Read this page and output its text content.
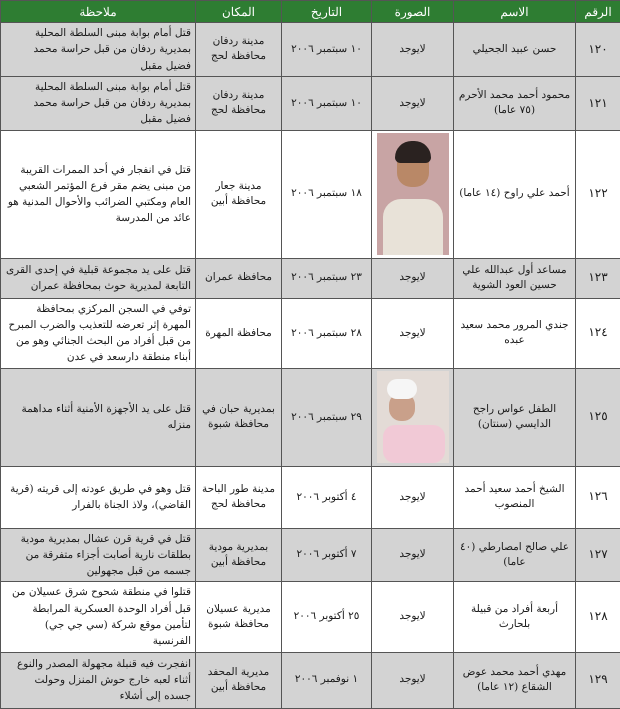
الرقم	الاسم	الصورة	التاريخ	المكان	ملاحظة
١٢٠	حسن عبيد الجحيلي	لايوجد	١٠ سبتمبر ٢٠٠٦	مدينة ردفان محافظة لحج	قتل أمام بوابة مبنى السلطة المحلية بمديرية ردفان من قبل حراسة محمد فضيل مقبل
١٢١	محمود أحمد محمد الأحرم (٧٥ عاما)	لايوجد	١٠ سبتمبر ٢٠٠٦	مدينة ردفان محافظة لحج	قتل أمام بوابة مبنى السلطة المحلية بمديرية ردفان من قبل حراسة محمد فضيل مقبل
١٢٢	أحمد علي راوح (١٤ عاما)		١٨ سبتمبر ٢٠٠٦	مدينة جعار محافظة أبين	قتل في انفجار في أحد الممرات القريبة من مبنى يضم مقر فرع المؤتمر الشعبي العام ومكتبي الضرائب والأحوال المدنية هو عائد من المدرسة
١٢٣	مساعد أول عبدالله علي حسين العود الشوية	لايوجد	٢٣ سبتمبر ٢٠٠٦	محافظة عمران	قتل على يد مجموعة قبلية في إحدى القرى التابعة لمديرية حوث بمحافظة عمران
١٢٤	جندي المرور محمد سعيد عبده	لايوجد	٢٨ سبتمبر ٢٠٠٦	محافظة المهرة	توفي في السجن المركزي بمحافظة المهرة إثر تعرضه للتعذيب والضرب المبرح من قبل أفراد من البحث الجنائي وهو من أبناء منطقة دارسعد في عدن
١٢٥	الطفل عواس راجح الدايسي (سنتان)		٢٩ سبتمبر ٢٠٠٦	بمديرية حبان في محافظة شبوة	قتل على يد الأجهزة الأمنية أثناء مداهمة منزله
١٢٦	الشيخ أحمد سعيد أحمد المنصوب	لايوجد	٤ أكتوبر ٢٠٠٦	مدينة طور الباحة محافظة لحج	قتل وهو في طريق عودته إلى قريته (قرية القاضي)، ولاذ الجناة بالفرار
١٢٧	علي صالح امصارطي (٤٠ عاما)	لايوجد	٧ أكتوبر ٢٠٠٦	بمديرية مودية محافظة أبين	قتل في قرية قرن عشال بمديرية مودية بطلقات نارية أصابت أجزاء متفرقة من جسمه من قبل مجهولين
١٢٨	أربعة أفراد من قبيلة بلحارث	لايوجد	٢٥ أكتوبر ٢٠٠٦	مديرية عسيلان محافظة شبوة	قتلوا في منطقة شحوح شرق عسيلان من قبل أفراد الوحدة العسكرية المرابطة لتأمين موقع شركة (سي جي جي) الفرنسية
١٢٩	مهدي أحمد محمد عوض الشقاع (١٢ عاما)	لايوجد	١ نوفمبر ٢٠٠٦	مديرية المحفد محافظة أبين	انفجرت فيه قنبلة مجهولة المصدر والنوع أثناء لعبه خارج حوش المنزل وحولت جسده إلى أشلاء
